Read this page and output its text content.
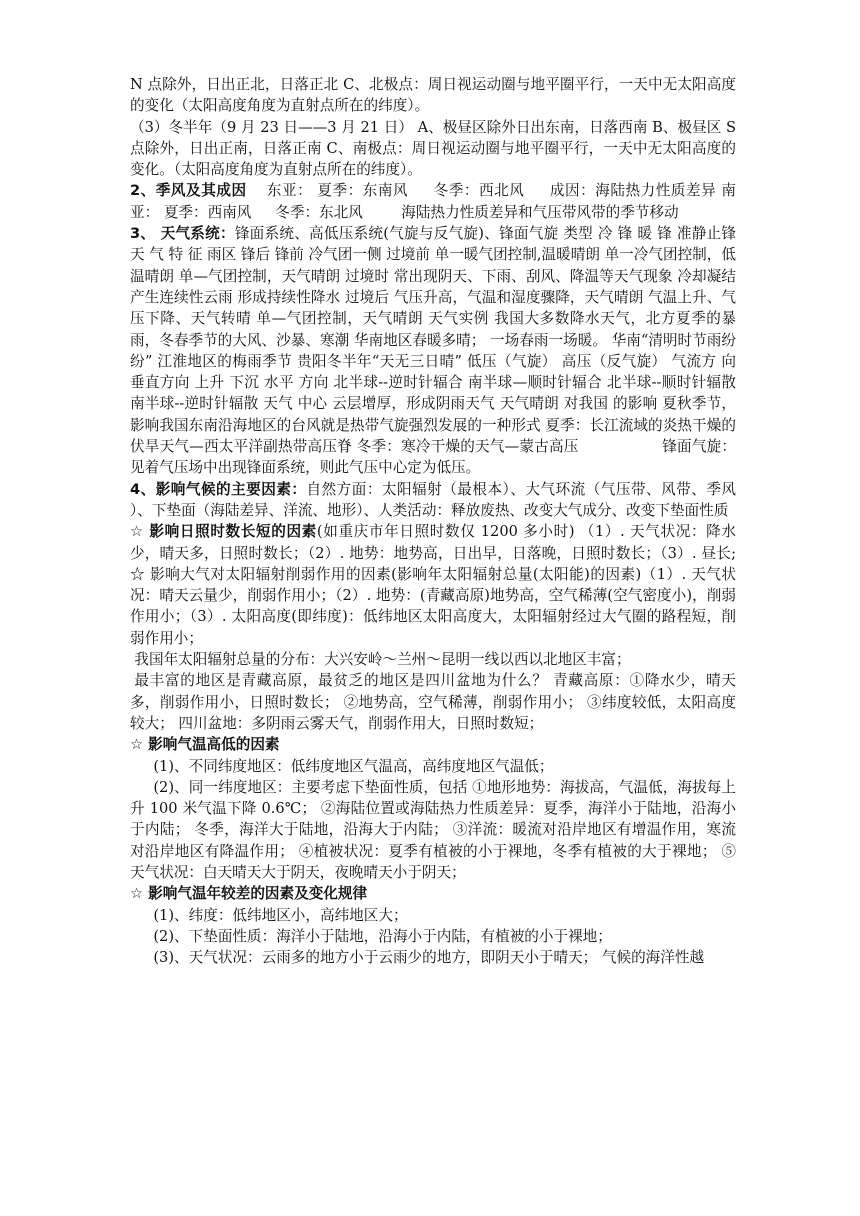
N 点除外，日出正北，日落正北 C、北极点：周日视运动圈与地平圈平行，一天中无太阳高度的变化（太阳高度角度为直射点所在的纬度）。

（3）冬半年（9 月 23 日——3 月 21 日） A、极昼区除外日出东南，日落西南 B、极昼区 S 点除外，日出正南，日落正南 C、南极点：周日视运动圈与地平圈平行，一天中无太阳高度的变化。（太阳高度角度为直射点所在的纬度）。

2、季风及其成因　 东亚： 夏季：东南风 　 冬季：西北风 　 成因：海陆热力性质差异 南亚： 夏季：西南风 　 冬季：东北风 　　 海陆热力性质差异和气压带风带的季节移动

3、 天气系统：锋面系统、高低压系统(气旋与反气旋)、锋面气旋 类型 冷 锋 暖 锋 准静止锋 天 气 特 征 雨区 锋后 锋前 冷气团一侧 过境前 单一暖气团控制,温暖晴朗 单一冷气团控制，低温晴朗 单—气团控制，天气晴朗 过境时 常出现阴天、下雨、刮风、降温等天气现象 冷却凝结产生连续性云雨 形成持续性降水 过境后 气压升高，气温和湿度骤降，天气晴朗 气温上升、气压下降、天气转晴 单—气团控制，天气晴朗 天气实例 我国大多数降水天气，北方夏季的暴雨，冬春季节的大风、沙暴、寒潮 华南地区春暖多晴； 一场春雨一场暖。 华南“清明时节雨纷纷” 江淮地区的梅雨季节 贵阳冬半年“天无三日晴” 低压（气旋） 高压（反气旋） 气流方 向 垂直方向 上升 下沉 水平 方向 北半球--逆时针辐合 南半球—顺时针辐合 北半球--顺时针辐散 南半球--逆时针辐散 天气 中心 云层增厚，形成阴雨天气 天气晴朗 对我国 的影响 夏秋季节，影响我国东南沿海地区的台风就是热带气旋强烈发展的一种形式 夏季：长江流域的炎热干燥的伏旱天气—西太平洋副热带高压脊 冬季：寒冷干燥的天气—蒙古高压 　　　　　 锋面气旋：见着气压场中出现锋面系统，则此气压中心定为低压。

4、影响气候的主要因素：自然方面：太阳辐射（最根本）、大气环流（气压带、风带、季风 ）、下垫面（海陆差异、洋流、地形）、人类活动：释放废热、改变大气成分、改变下垫面性质

☆ 影响日照时数长短的因素(如重庆市年日照时数仅 1200 多小时) （1）. 天气状况：降水少，晴天多，日照时数长；（2）. 地势：地势高，日出早，日落晚，日照时数长；（3）. 昼长; ☆ 影响大气对太阳辐射削弱作用的因素(影响年太阳辐射总量(太阳能)的因素)（1）. 天气状况：晴天云量少，削弱作用小；（2）. 地势：(青藏高原)地势高，空气稀薄(空气密度小)，削弱作用小；（3）. 太阳高度(即纬度)：低纬地区太阳高度大，太阳辐射经过大气圈的路程短，削弱作用小；

我国年太阳辐射总量的分布：大兴安岭～兰州～昆明一线以西以北地区丰富；

最丰富的地区是青藏高原，最贫乏的地区是四川盆地为什么？ 青藏高原：①降水少，晴天多，削弱作用小，日照时数长； ②地势高，空气稀薄，削弱作用小； ③纬度较低，太阳高度较大； 四川盆地：多阴雨云雾天气，削弱作用大，日照时数短；

☆ 影响气温高低的因素

(1)、不同纬度地区：低纬度地区气温高，高纬度地区气温低；

(2)、同一纬度地区：主要考虑下垫面性质，包括 ①地形地势：海拔高，气温低，海拔每上升 100 米气温下降 0.6℃； ②海陆位置或海陆热力性质差异：夏季，海洋小于陆地，沿海小于内陆； 冬季，海洋大于陆地，沿海大于内陆； ③洋流：暖流对沿岸地区有增温作用，寒流对沿岸地区有降温作用； ④植被状况：夏季有植被的小于裸地，冬季有植被的大于裸地； ⑤天气状况：白天晴天大于阴天，夜晚晴天小于阴天；

☆ 影响气温年较差的因素及变化规律

(1)、纬度：低纬地区小，高纬地区大；

(2)、下垫面性质：海洋小于陆地，沿海小于内陆，有植被的小于裸地；

(3)、天气状况：云雨多的地方小于云雨少的地方，即阴天小于晴天； 气候的海洋性越
